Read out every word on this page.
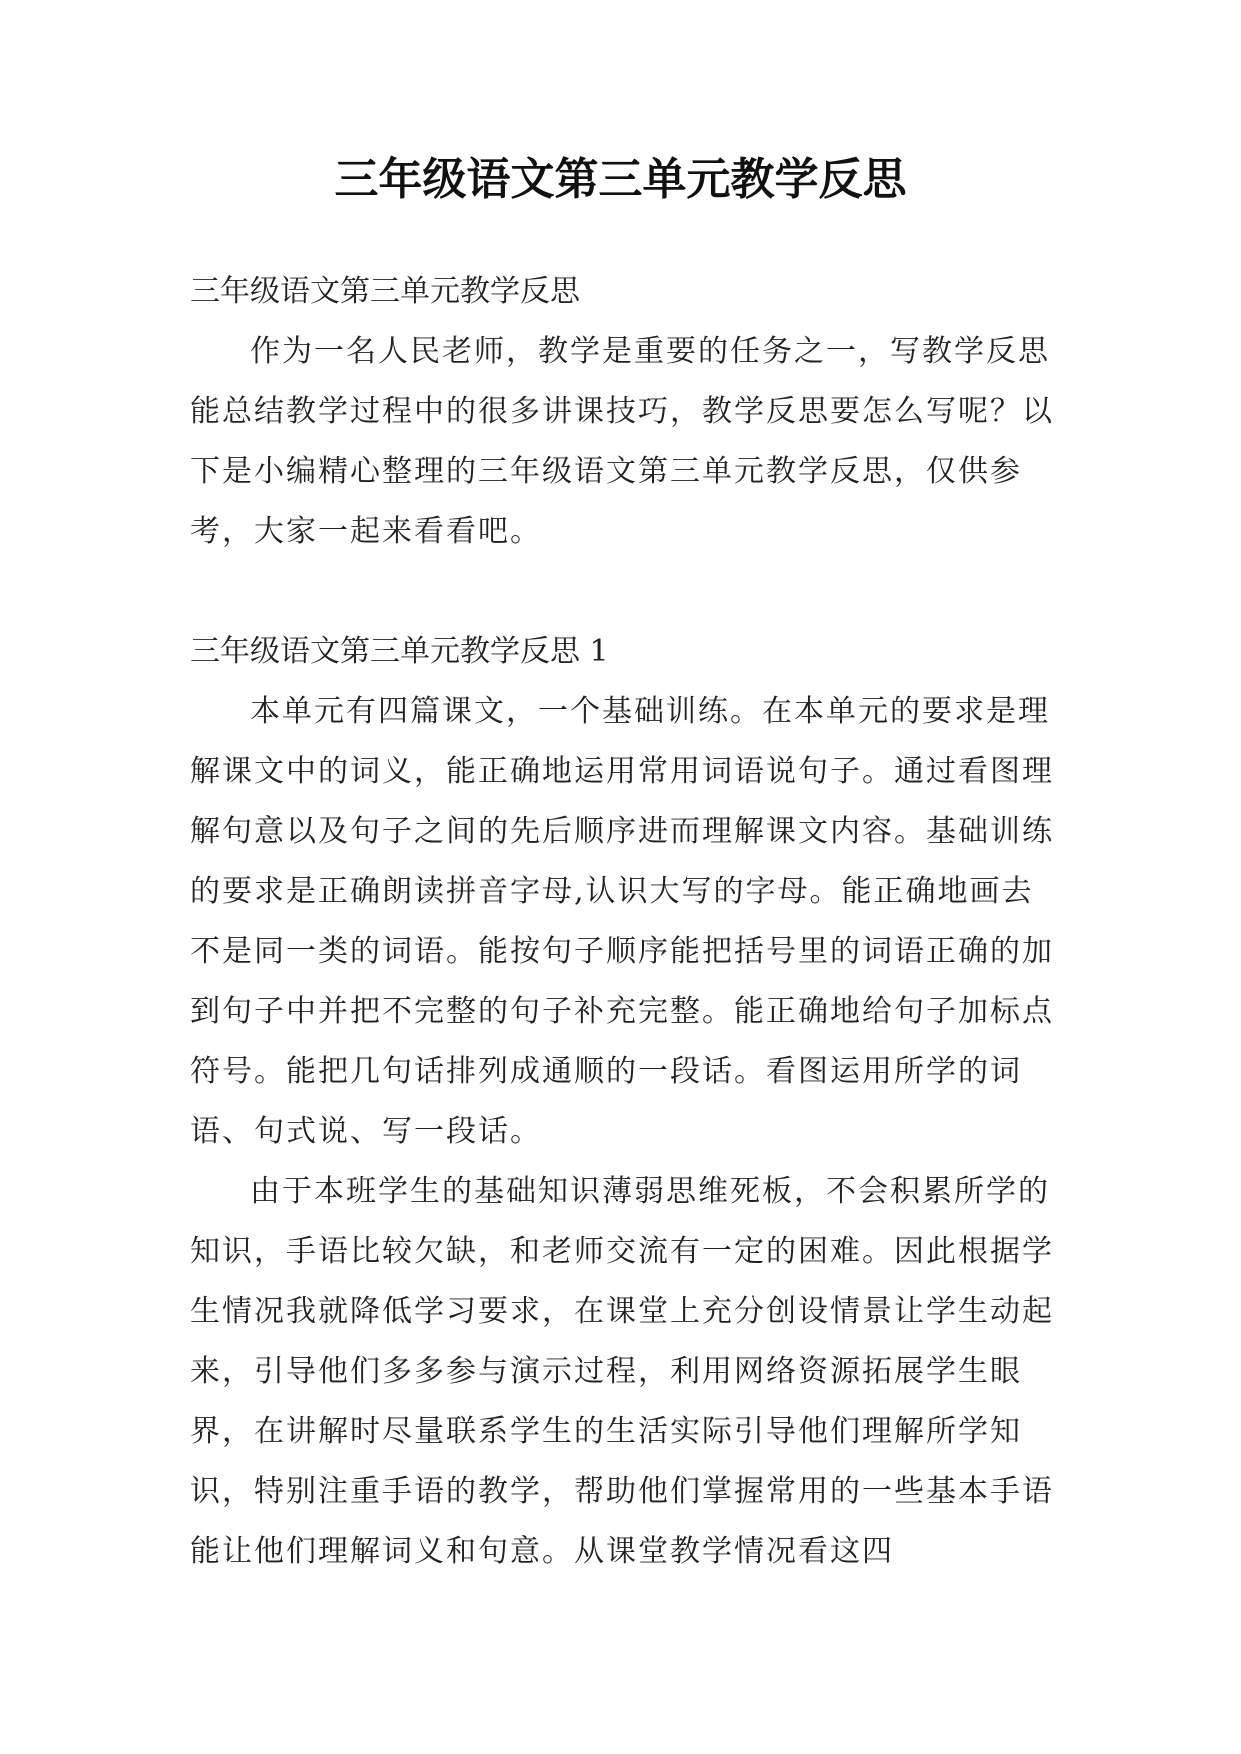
三年级语文第三单元教学反思

三年级语文第三单元教学反思

作为一名人民老师，教学是重要的任务之一，写教学反思能总结教学过程中的很多讲课技巧，教学反思要怎么写呢？以下是小编精心整理的三年级语文第三单元教学反思，仅供参考，大家一起来看看吧。

三年级语文第三单元教学反思 1

本单元有四篇课文，一个基础训练。在本单元的要求是理解课文中的词义，能正确地运用常用词语说句子。通过看图理解句意以及句子之间的先后顺序进而理解课文内容。基础训练的要求是正确朗读拼音字母,认识大写的字母。能正确地画去不是同一类的词语。能按句子顺序能把括号里的词语正确的加到句子中并把不完整的句子补充完整。能正确地给句子加标点符号。能把几句话排列成通顺的一段话。看图运用所学的词语、句式说、写一段话。

由于本班学生的基础知识薄弱思维死板，不会积累所学的知识，手语比较欠缺，和老师交流有一定的困难。因此根据学生情况我就降低学习要求，在课堂上充分创设情景让学生动起来，引导他们多多参与演示过程，利用网络资源拓展学生眼界，在讲解时尽量联系学生的生活实际引导他们理解所学知识，特别注重手语的教学，帮助他们掌握常用的一些基本手语能让他们理解词义和句意。从课堂教学情况看这四
